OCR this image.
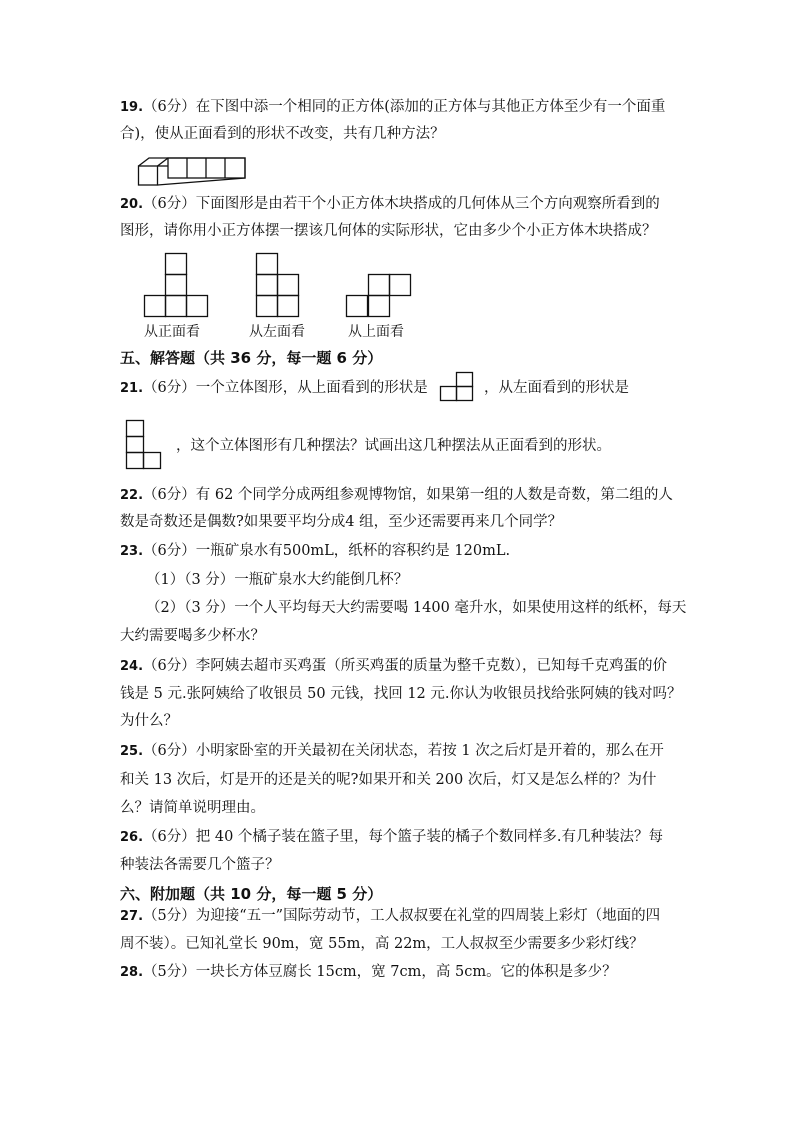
19.（6分）在下图中添一个相同的正方体(添加的正方体与其他正方体至少有一个面重
合)，使从正面看到的形状不改变，共有几种方法？
20.（6分）下面图形是由若干个小正方体木块搭成的几何体从三个方向观察所看到的
图形，请你用小正方体摆一摆该几何体的实际形状，它由多少个小正方体木块搭成？
从正面看	从左面看	从上面看
五、解答题（共 36 分，每一题 6 分）
21.（6分）一个立体图形，从上面看到的形状是	，从左面看到的形状是
，这个立体图形有几种摆法？试画出这几种摆法从正面看到的形状。
22.（6分）有 62 个同学分成两组参观博物馆，如果第一组的人数是奇数，第二组的人
数是奇数还是偶数?如果要平均分成4 组，至少还需要再来几个同学？
23.（6分）一瓶矿泉水有500mL，纸杯的容积约是 120mL.
（1）（3 分）一瓶矿泉水大约能倒几杯？
（2）（3 分）一个人平均每天大约需要喝 1400 毫升水，如果使用这样的纸杯，每天
大约需要喝多少杯水？
24.（6分）李阿姨去超市买鸡蛋（所买鸡蛋的质量为整千克数），已知每千克鸡蛋的价
钱是 5 元.张阿姨给了收银员 50 元钱，找回 12 元.你认为收银员找给张阿姨的钱对吗？
为什么？
25.（6分）小明家卧室的开关最初在关闭状态，若按 1 次之后灯是开着的，那么在开
和关 13 次后，灯是开的还是关的呢?如果开和关 200 次后，灯又是怎么样的？为什
么？请简单说明理由。
26.（6分）把 40 个橘子装在篮子里，每个篮子装的橘子个数同样多.有几种装法？每
种装法各需要几个篮子？
六、附加题（共 10 分，每一题 5 分）
27.（5分）为迎接“五一”国际劳动节，工人叔叔要在礼堂的四周装上彩灯（地面的四
周不装）。已知礼堂长 90m，宽 55m，高 22m，工人叔叔至少需要多少彩灯线？
28.（5分）一块长方体豆腐长 15cm，宽 7cm，高 5cm。它的体积是多少？
